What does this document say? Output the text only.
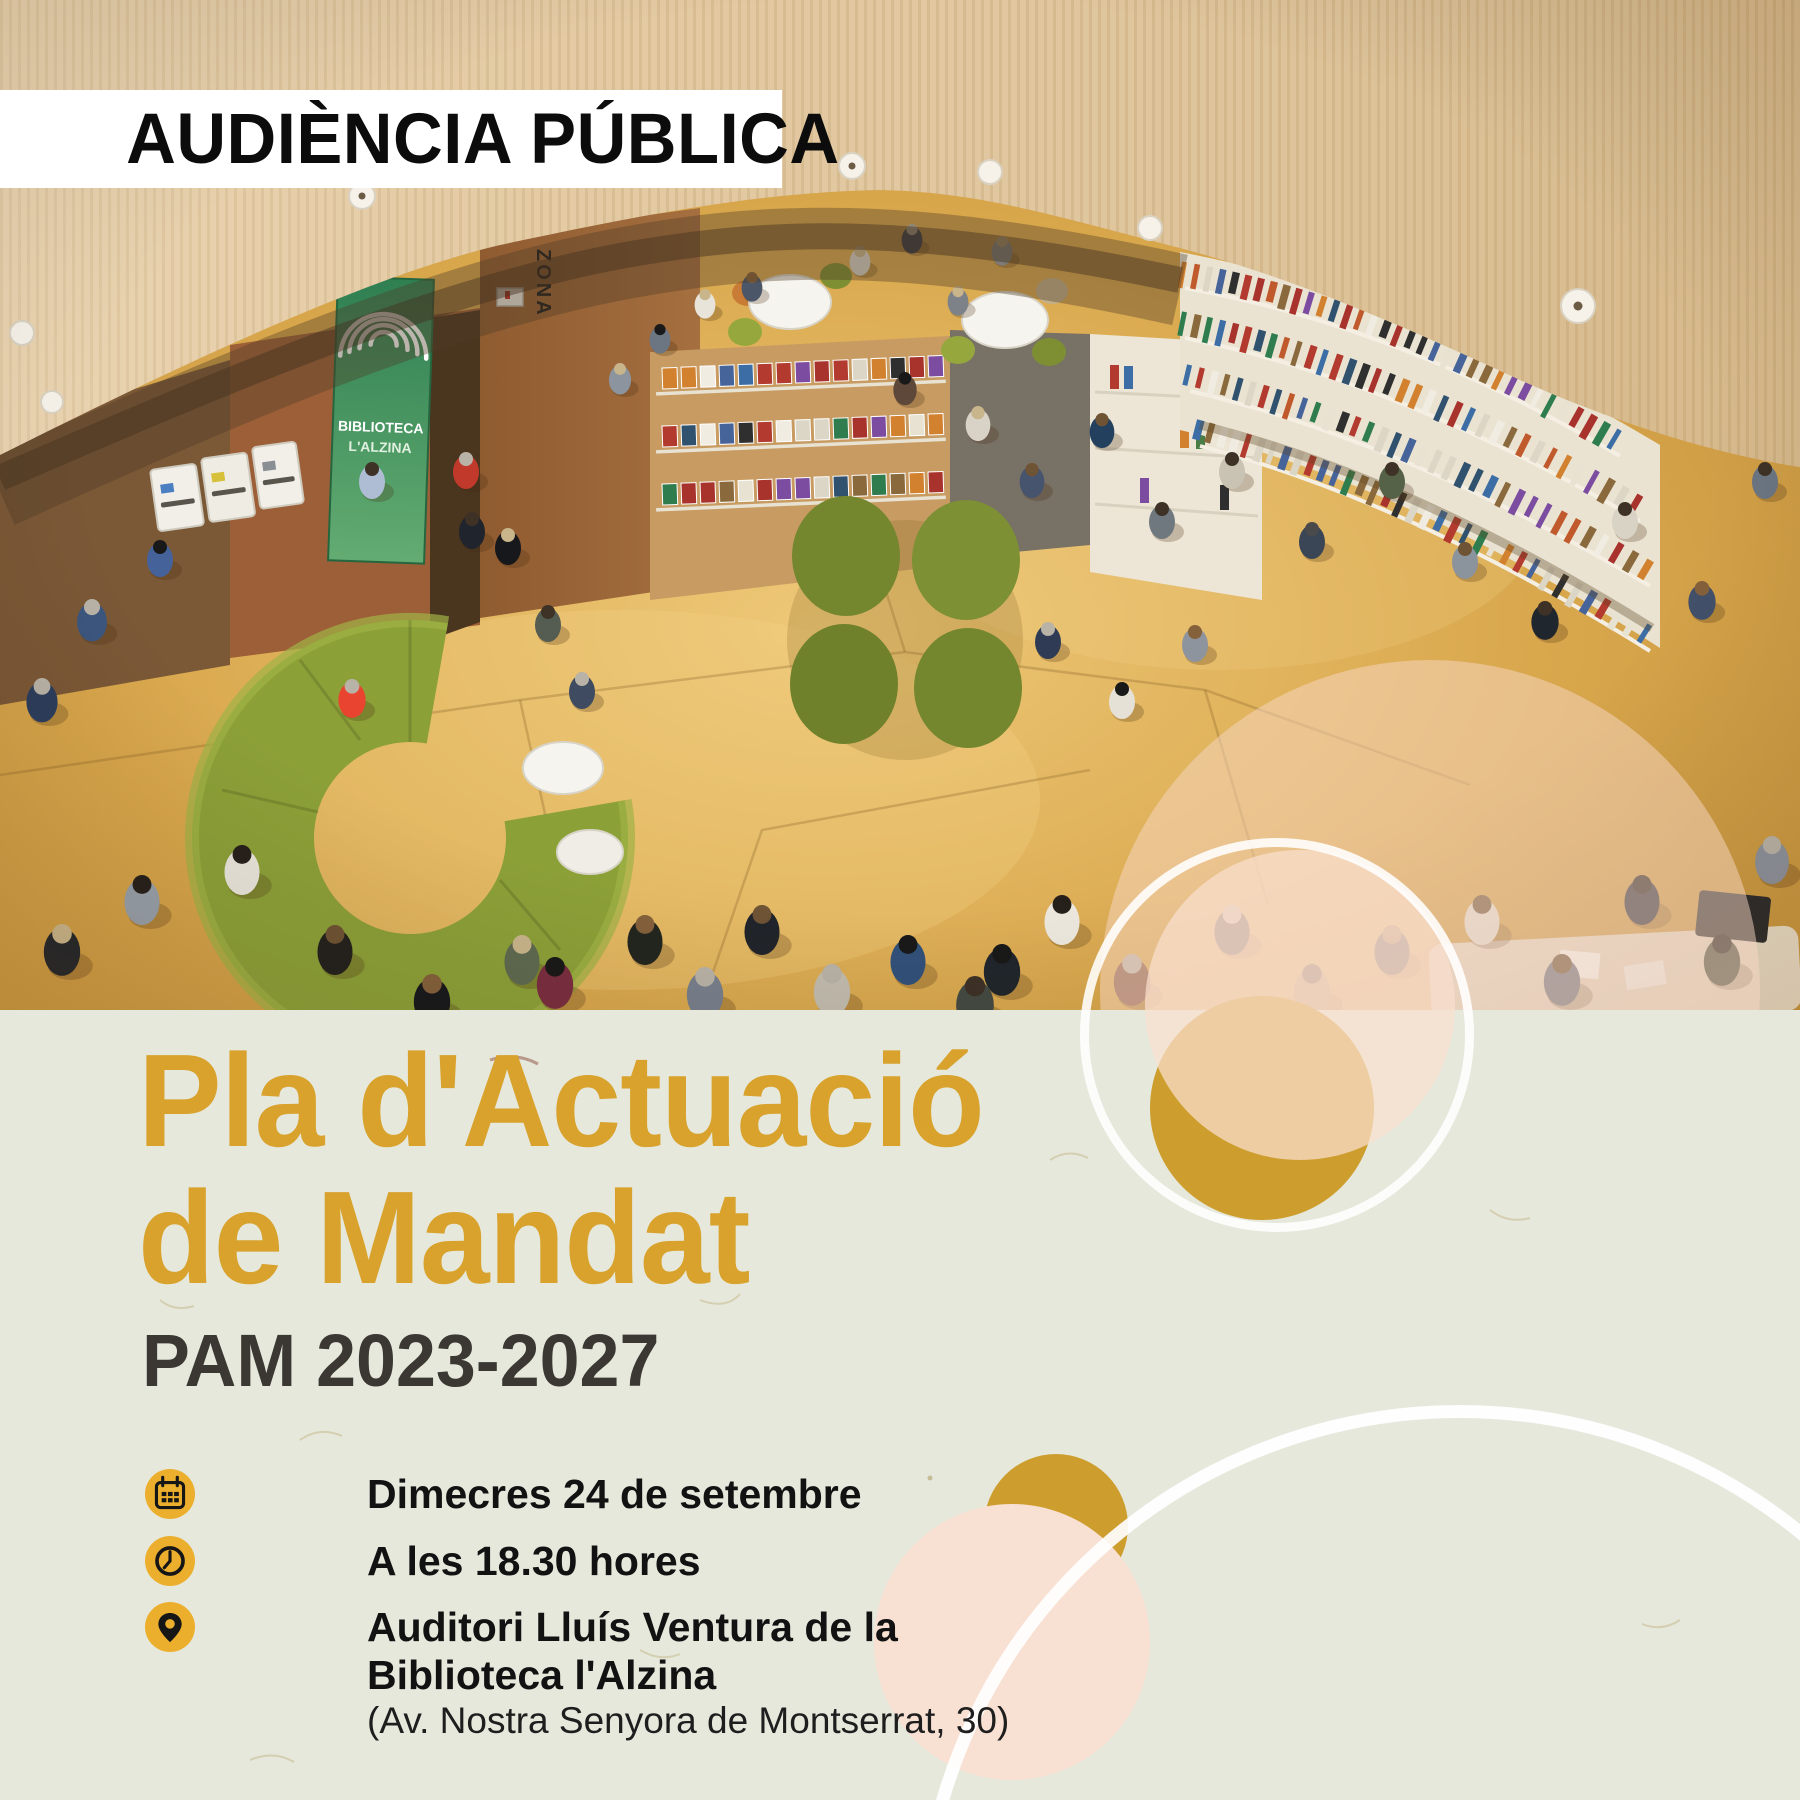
AUDIÈNCIA PÚBLICA
Pla d'Actuació
de Mandat
PAM 2023-2027
Dimecres 24 de setembre
A les 18.30 hores
Auditori Lluís Ventura de la
Biblioteca l'Alzina
(Av. Nostra Senyora de Montserrat, 30)
